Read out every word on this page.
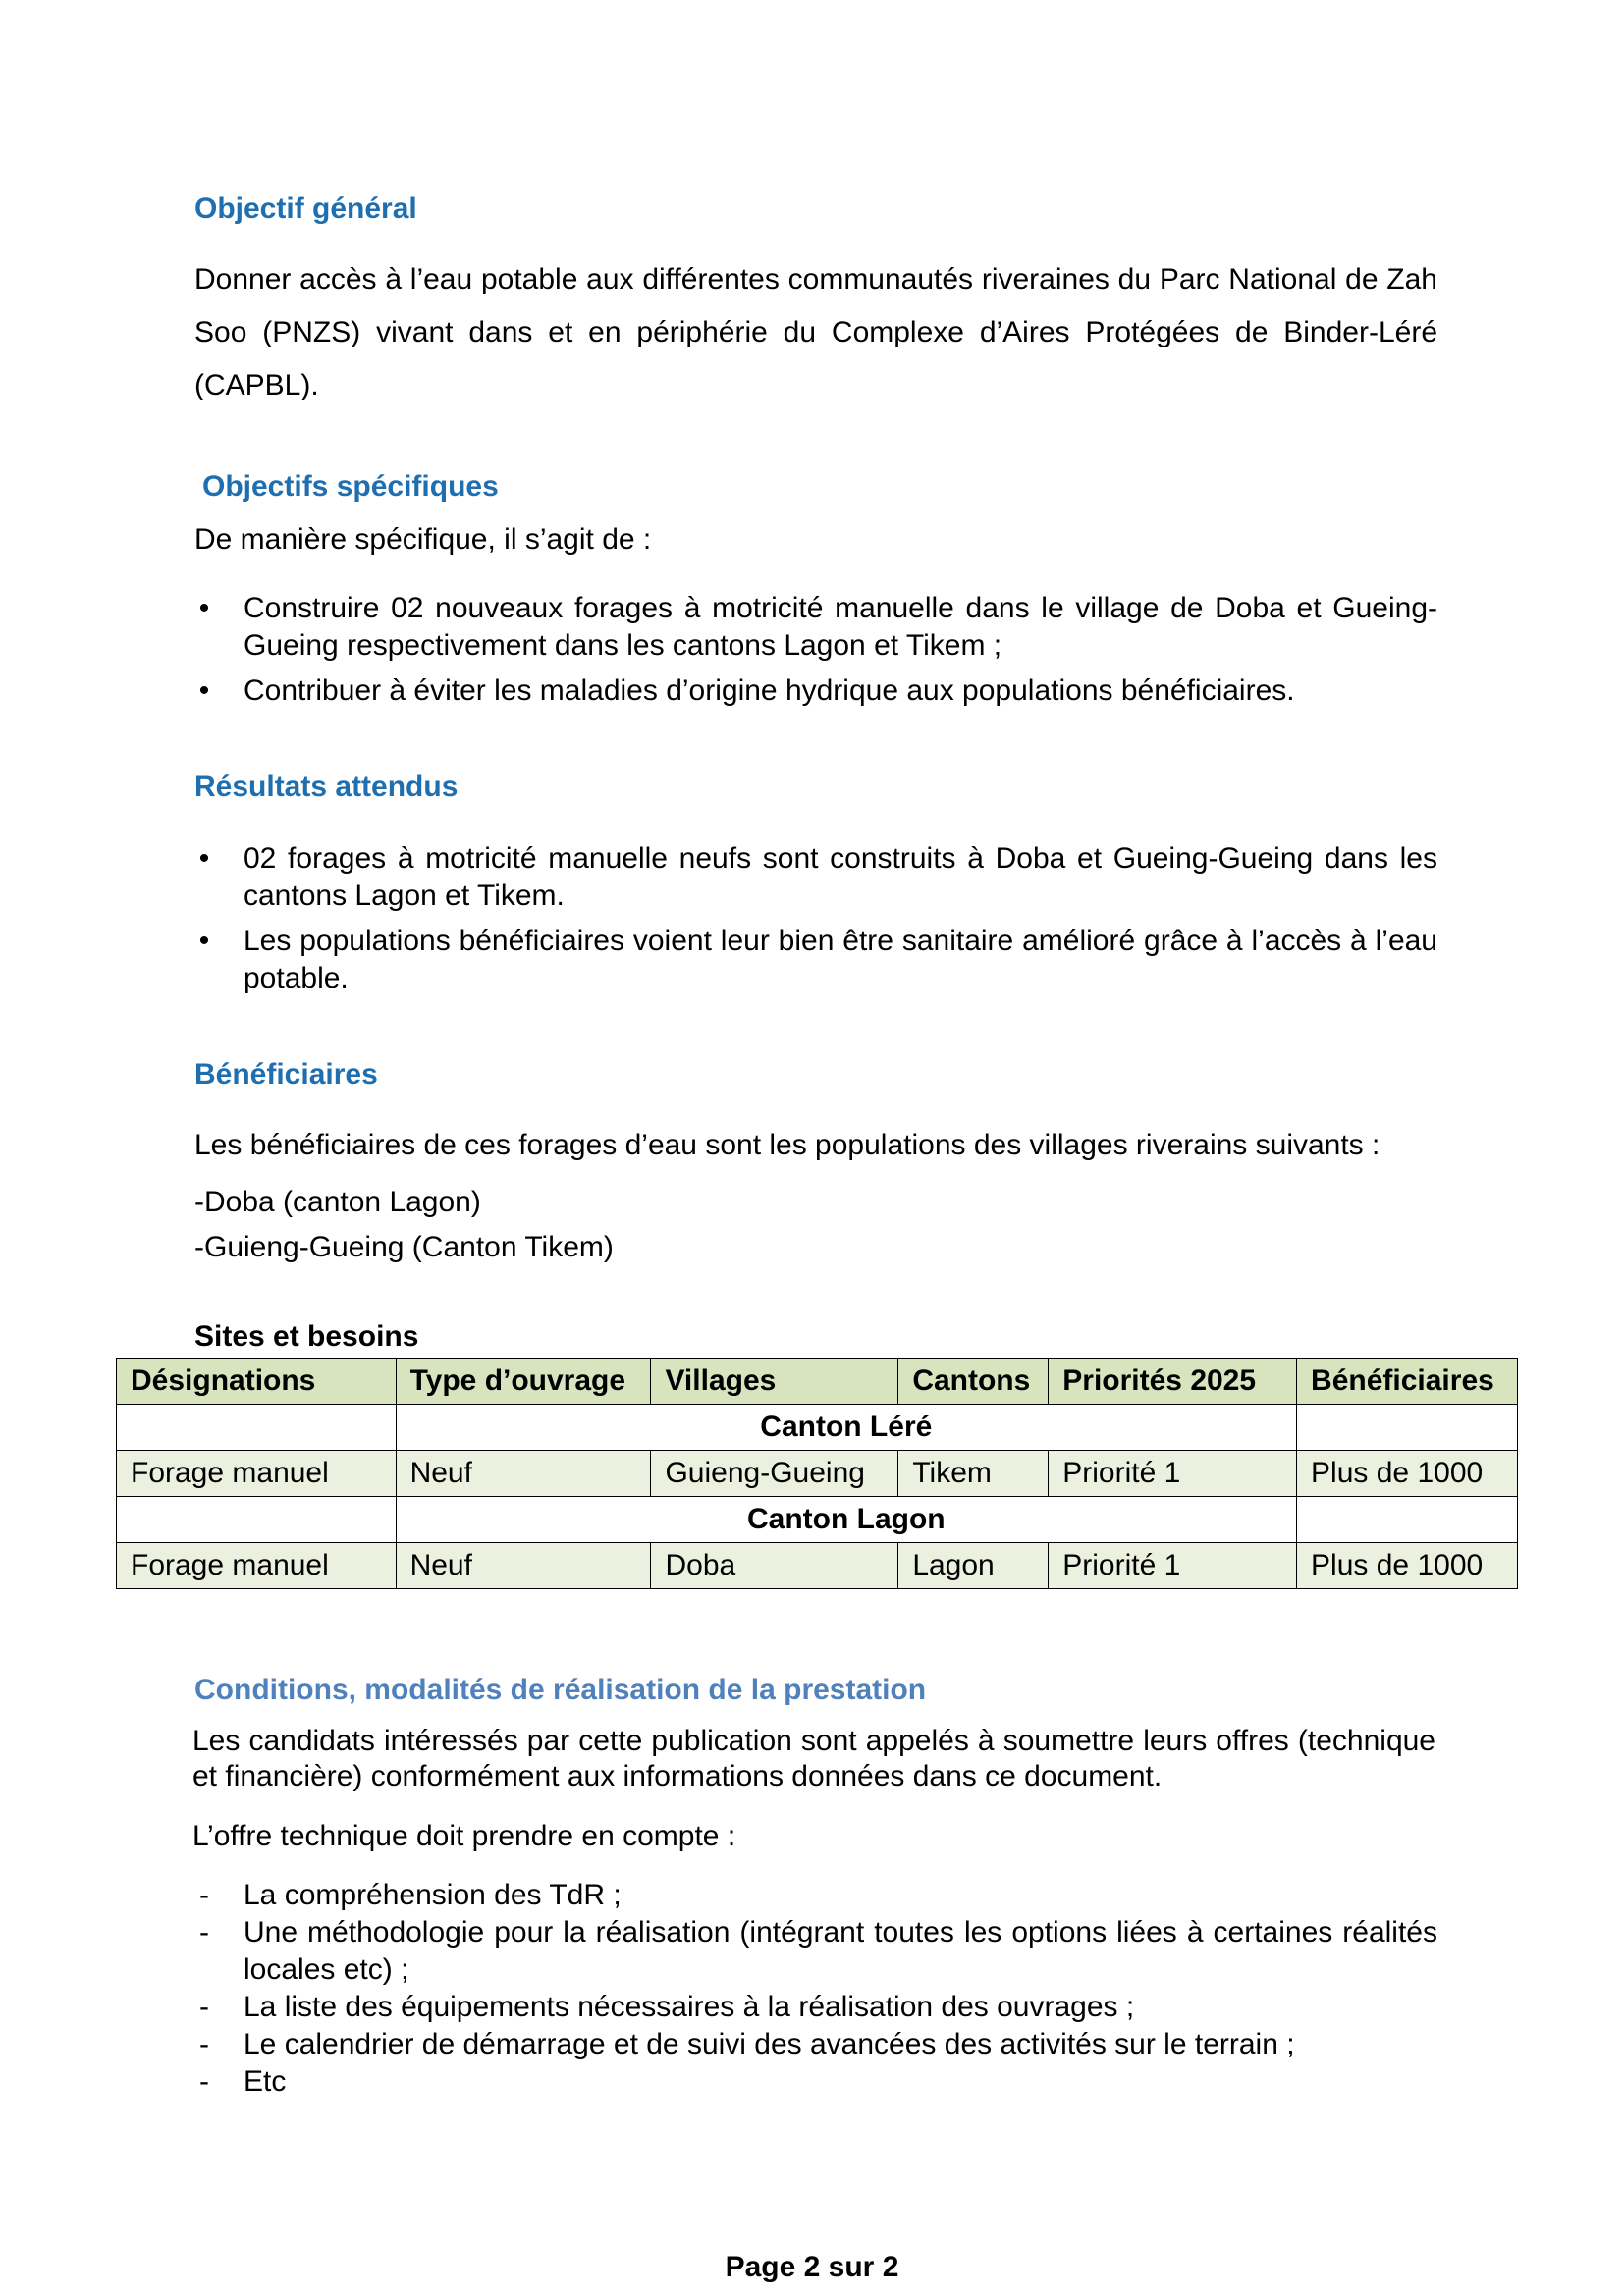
Objectif général
Donner accès à l’eau potable aux différentes communautés riveraines du Parc National de Zah Soo (PNZS) vivant dans et en périphérie du Complexe d’Aires Protégées de Binder-Léré (CAPBL).
Objectifs spécifiques
De manière spécifique, il s’agit de :
• Construire 02 nouveaux forages à motricité manuelle dans le village de Doba et Gueing-Gueing respectivement dans les cantons Lagon et Tikem ;
• Contribuer à éviter les maladies d’origine hydrique aux populations bénéficiaires.
Résultats attendus
• 02 forages à motricité manuelle neufs sont construits à Doba et Gueing-Gueing dans les cantons Lagon et Tikem.
• Les populations bénéficiaires voient leur bien être sanitaire amélioré grâce à l’accès à l’eau potable.
Bénéficiaires
Les bénéficiaires de ces forages d’eau sont les populations des villages riverains suivants :
-Doba (canton Lagon)
-Guieng-Gueing (Canton Tikem)
Sites et besoins
Désignations	Type d’ouvrage	Villages	Cantons	Priorités 2025	Bénéficiaires
	Canton Léré				
Forage manuel	Neuf	Guieng-Gueing	Tikem	Priorité 1	Plus de 1000
	Canton Lagon				
Forage manuel	Neuf	Doba	Lagon	Priorité 1	Plus de 1000
Conditions, modalités de réalisation de la prestation
Les candidats intéressés par cette publication sont appelés à soumettre leurs offres (technique et financière) conformément aux informations données dans ce document.
L’offre technique doit prendre en compte :
- La compréhension des TdR ;
- Une méthodologie pour la réalisation (intégrant toutes les options liées à certaines réalités locales etc) ;
- La liste des équipements nécessaires à la réalisation des ouvrages ;
- Le calendrier de démarrage et de suivi des avancées des activités sur le terrain ;
- Etc
Page 2 sur 2
